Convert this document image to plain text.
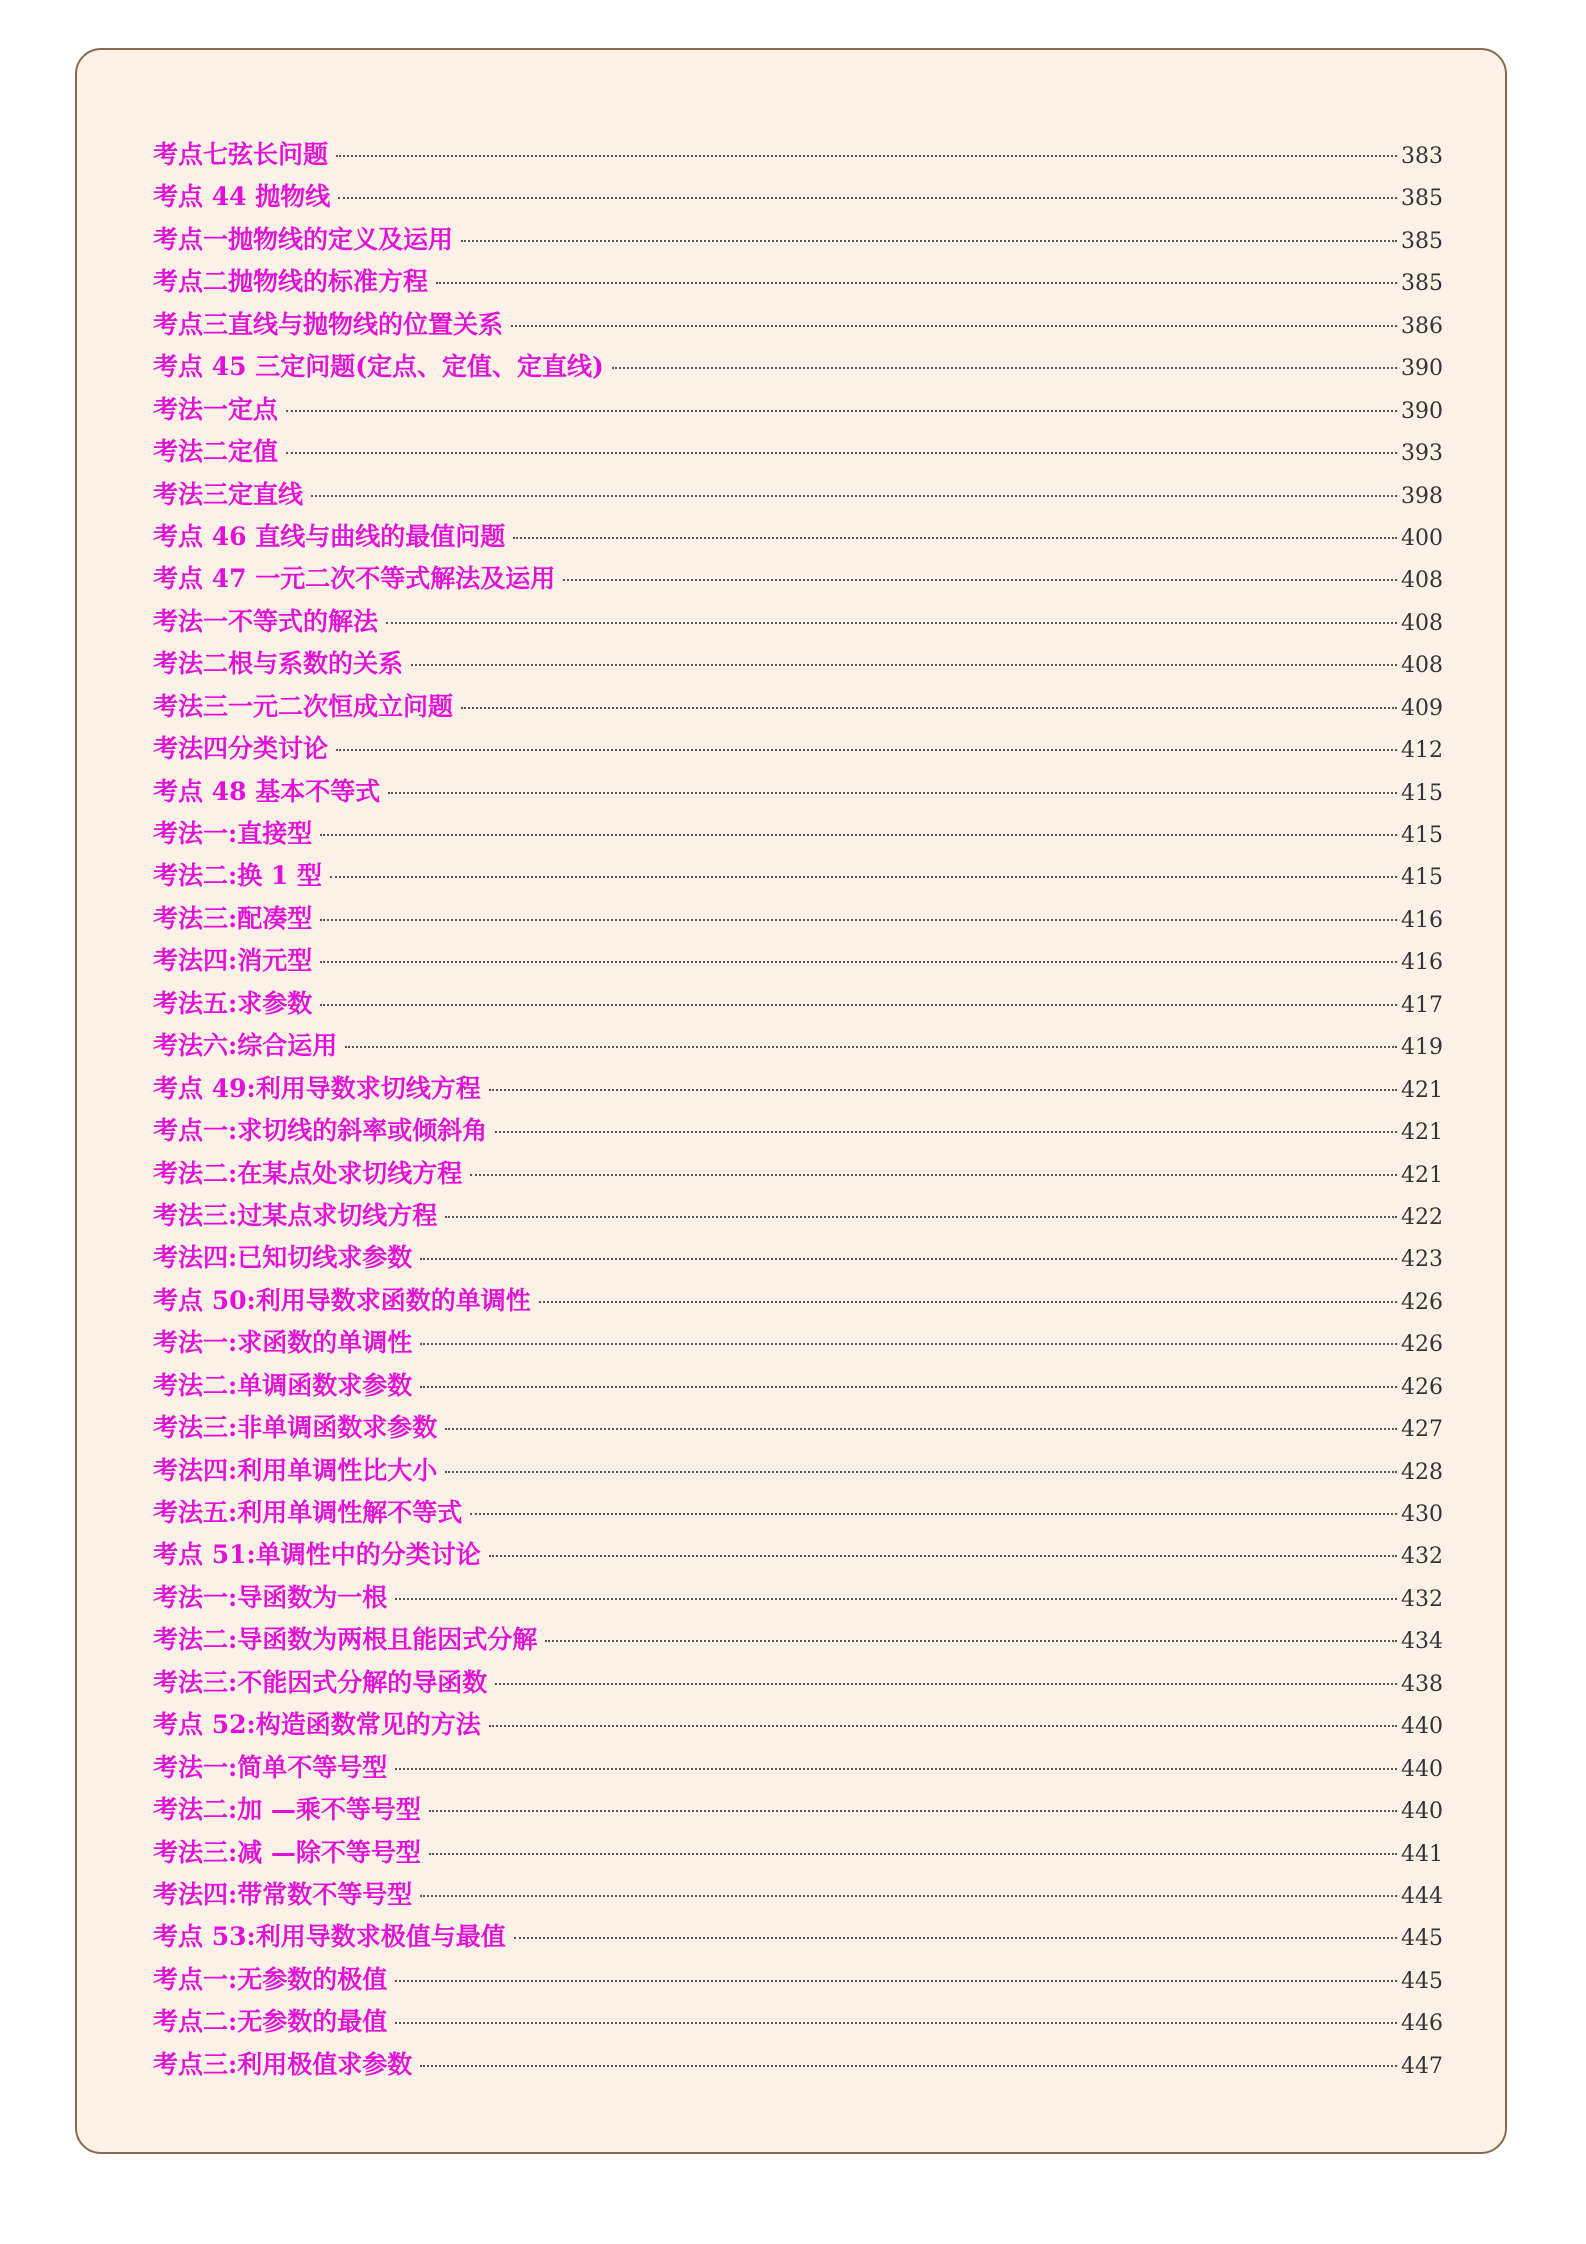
考点七弦长问题	383
考点 44 抛物线	385
考点一抛物线的定义及运用	385
考点二抛物线的标准方程	385
考点三直线与抛物线的位置关系	386
考点 45 三定问题(定点、定值、定直线)	390
考法一定点	390
考法二定值	393
考法三定直线	398
考点 46 直线与曲线的最值问题	400
考点 47 一元二次不等式解法及运用	408
考法一不等式的解法	408
考法二根与系数的关系	408
考法三一元二次恒成立问题	409
考法四分类讨论	412
考点 48 基本不等式	415
考法一:直接型	415
考法二:换 1 型	415
考法三:配凑型	416
考法四:消元型	416
考法五:求参数	417
考法六:综合运用	419
考点 49:利用导数求切线方程	421
考点一:求切线的斜率或倾斜角	421
考法二:在某点处求切线方程	421
考法三:过某点求切线方程	422
考法四:已知切线求参数	423
考点 50:利用导数求函数的单调性	426
考法一:求函数的单调性	426
考法二:单调函数求参数	426
考法三:非单调函数求参数	427
考法四:利用单调性比大小	428
考法五:利用单调性解不等式	430
考点 51:单调性中的分类讨论	432
考法一:导函数为一根	432
考法二:导函数为两根且能因式分解	434
考法三:不能因式分解的导函数	438
考点 52:构造函数常见的方法	440
考法一:简单不等号型	440
考法二:加 —乘不等号型	440
考法三:减 —除不等号型	441
考法四:带常数不等号型	444
考点 53:利用导数求极值与最值	445
考点一:无参数的极值	445
考点二:无参数的最值	446
考点三:利用极值求参数	447
